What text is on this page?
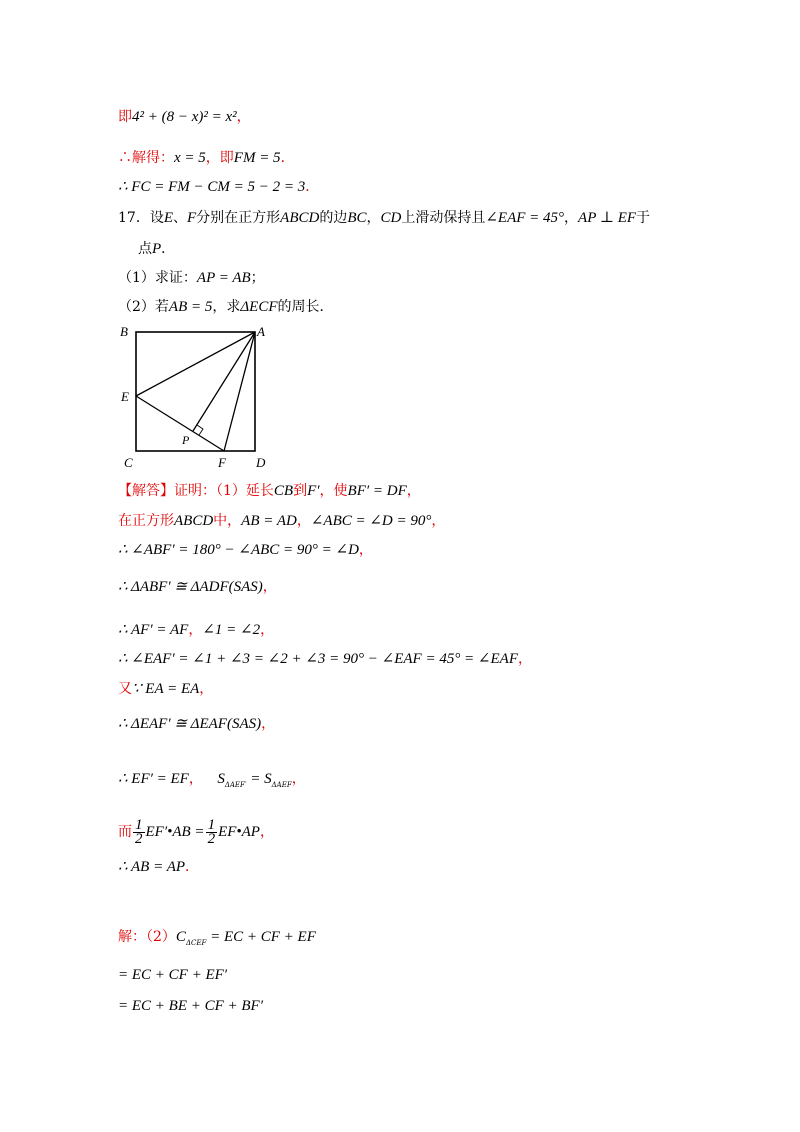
即4² + (8 − x)² = x²，
∴解得：x = 5，即FM = 5．
∴ FC = FM − CM = 5 − 2 = 3．
17．设E、F分别在正方形ABCD的边BC，CD上滑动保持且∠EAF = 45°，AP ⊥ EF于
点P．
（1）求证：AP = AB；
（2）若AB = 5，求ΔECF的周长．
B	A
E
P
C	F D
【解答】证明：（1）延长CB到F′，使BF′ = DF，
在正方形ABCD中，AB = AD，∠ABC = ∠D = 90°，
∴ ∠ABF′ = 180° − ∠ABC = 90° = ∠D，
∴ ΔABF′ ≅ ΔADF(SAS)，
∴ AF′ = AF，∠1 = ∠2，
∴ ∠EAF′ = ∠1 + ∠3 = ∠2 + ∠3 = 90° − ∠EAF = 45° = ∠EAF，
又∵ EA = EA，
∴ ΔEAF′ ≅ ΔEAF(SAS)，
∴ EF′ = EF， $S_{\Delta AEF'} = S_{\Delta AEF}$，
而 $\frac{1}{2}$ EF′•AB = $\frac{1}{2}$ EF•AP，
∴ AB = AP．
解：$(2)C_{\Delta CEF}$ = EC + CF + EF
= EC + CF + EF′
= EC + BE + CF + BF′
